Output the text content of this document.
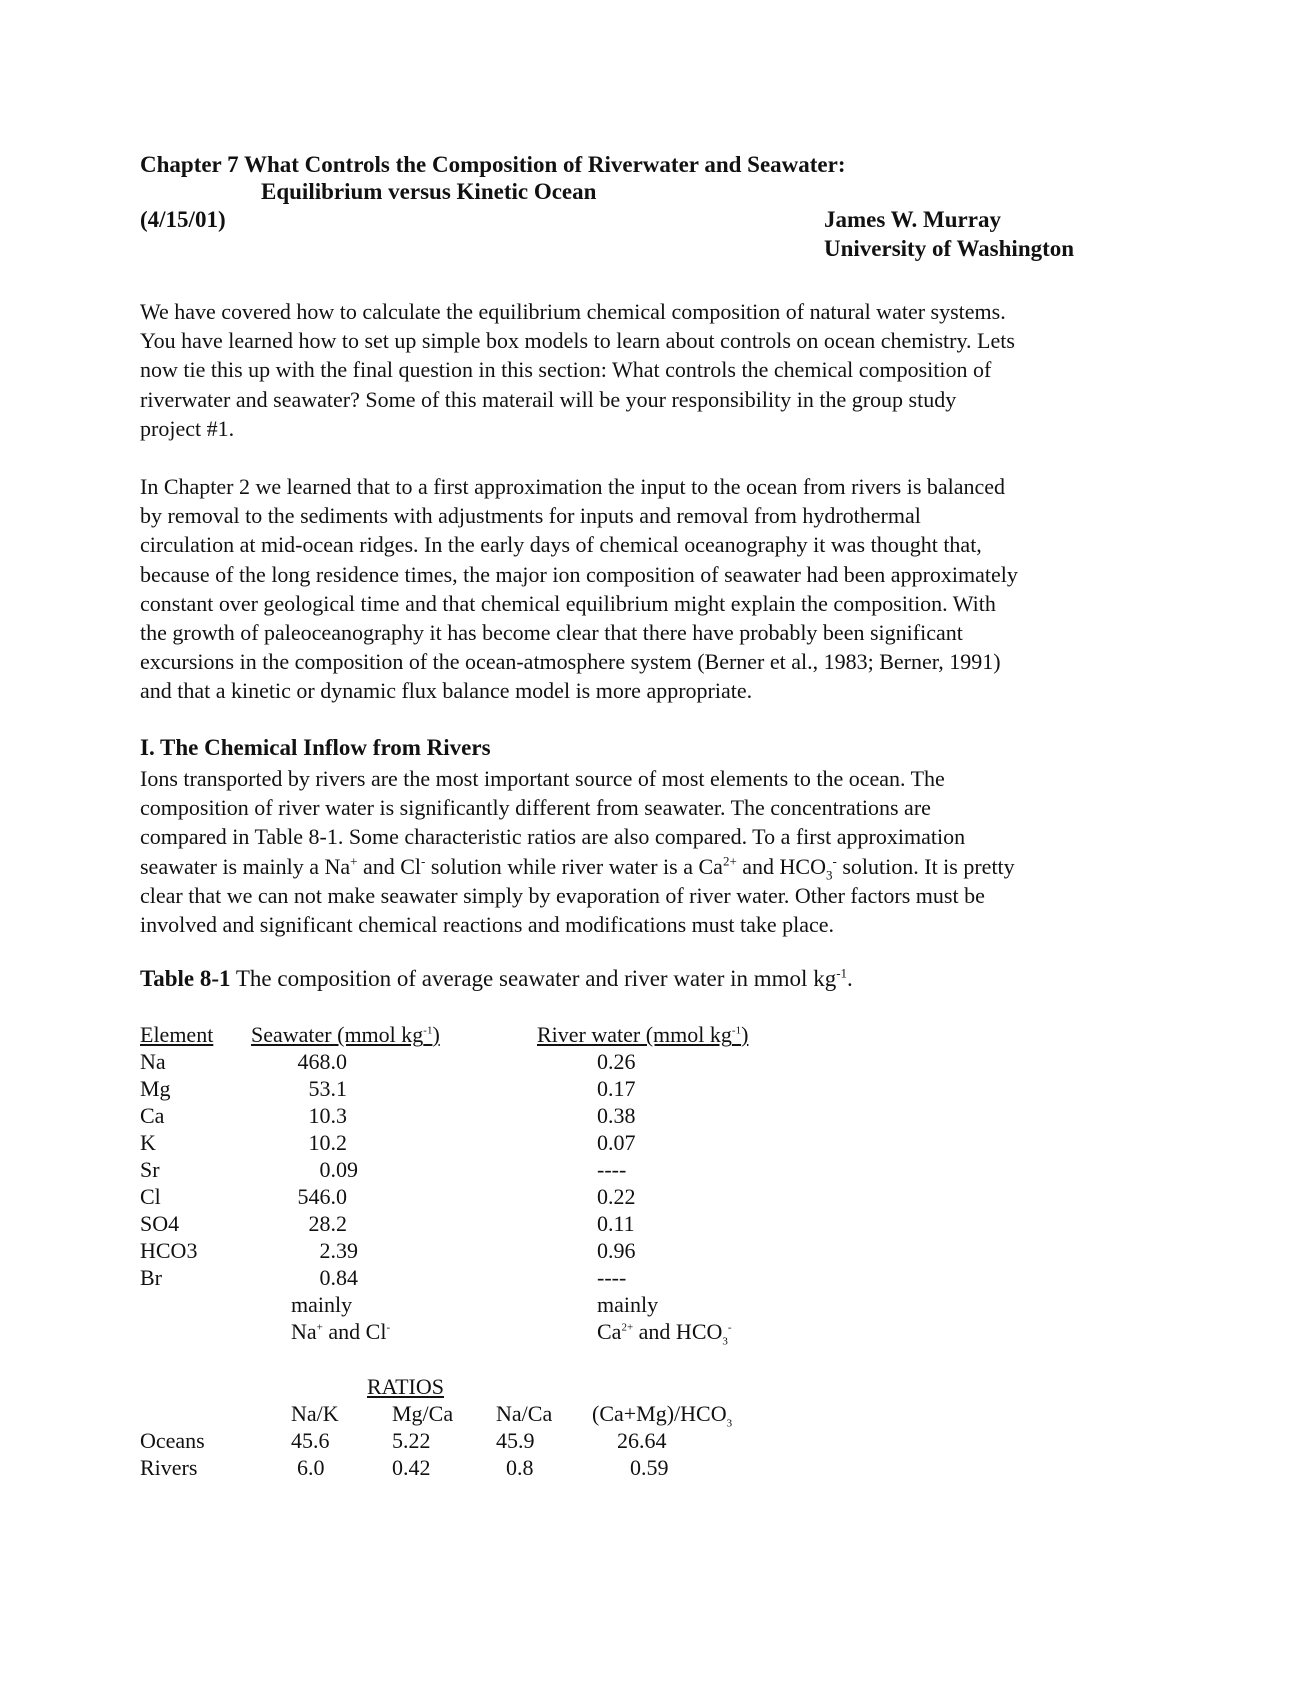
Chapter 7 What Controls the Composition of Riverwater and Seawater:
Equilibrium versus Kinetic Ocean
(4/15/01)	James W. Murray
University of Washington
We have covered how to calculate the equilibrium chemical composition of natural water systems.
You have learned how to set up simple box models to learn about controls on ocean chemistry. Lets
now tie this up with the final question in this section: What controls the chemical composition of
riverwater and seawater? Some of this materail will be your responsibility in the group study
project #1.
In Chapter 2 we learned that to a first approximation the input to the ocean from rivers is balanced
by removal to the sediments with adjustments for inputs and removal from hydrothermal
circulation at mid-ocean ridges. In the early days of chemical oceanography it was thought that,
because of the long residence times, the major ion composition of seawater had been approximately
constant over geological time and that chemical equilibrium might explain the composition. With
the growth of paleoceanography it has become clear that there have probably been significant
excursions in the composition of the ocean-atmosphere system (Berner et al., 1983; Berner, 1991)
and that a kinetic or dynamic flux balance model is more appropriate.
I. The Chemical Inflow from Rivers
Ions transported by rivers are the most important source of most elements to the ocean. The
composition of river water is significantly different from seawater. The concentrations are
compared in Table 8-1. Some characteristic ratios are also compared. To a first approximation
seawater is mainly a Na+ and Cl- solution while river water is a $Ca^{2+}$ and $HCO_3^-$ solution. It is pretty
clear that we can not make seawater simply by evaporation of river water. Other factors must be
involved and significant chemical reactions and modifications must take place.
Table 8-1 The composition of average seawater and river water in mmol $kg^{-1}$.
Element Seawater (mmol $kg^{-1}$)	River water (mmol $kg^{-1}$)
Na	468.0	0.26
Mg	53.1	0.17
Ca	10.3	0.38
K	10.2	0.07
Sr	0.09	----
Cl	546.0	0.22
SO4	28.2	0.11
HCO3	2.39	0.96
Br	0.84	----
mainly	mainly
Na+ and Cl-	$Ca^{2+}$ and $HCO_3^-$
RATIOS
Na/K Mg/Ca Na/Ca $(Ca+Mg)/HCO_3$
Oceans	45.6	5.22	45.9	26.64
Rivers	6.0	0.42	0.8	0.59
